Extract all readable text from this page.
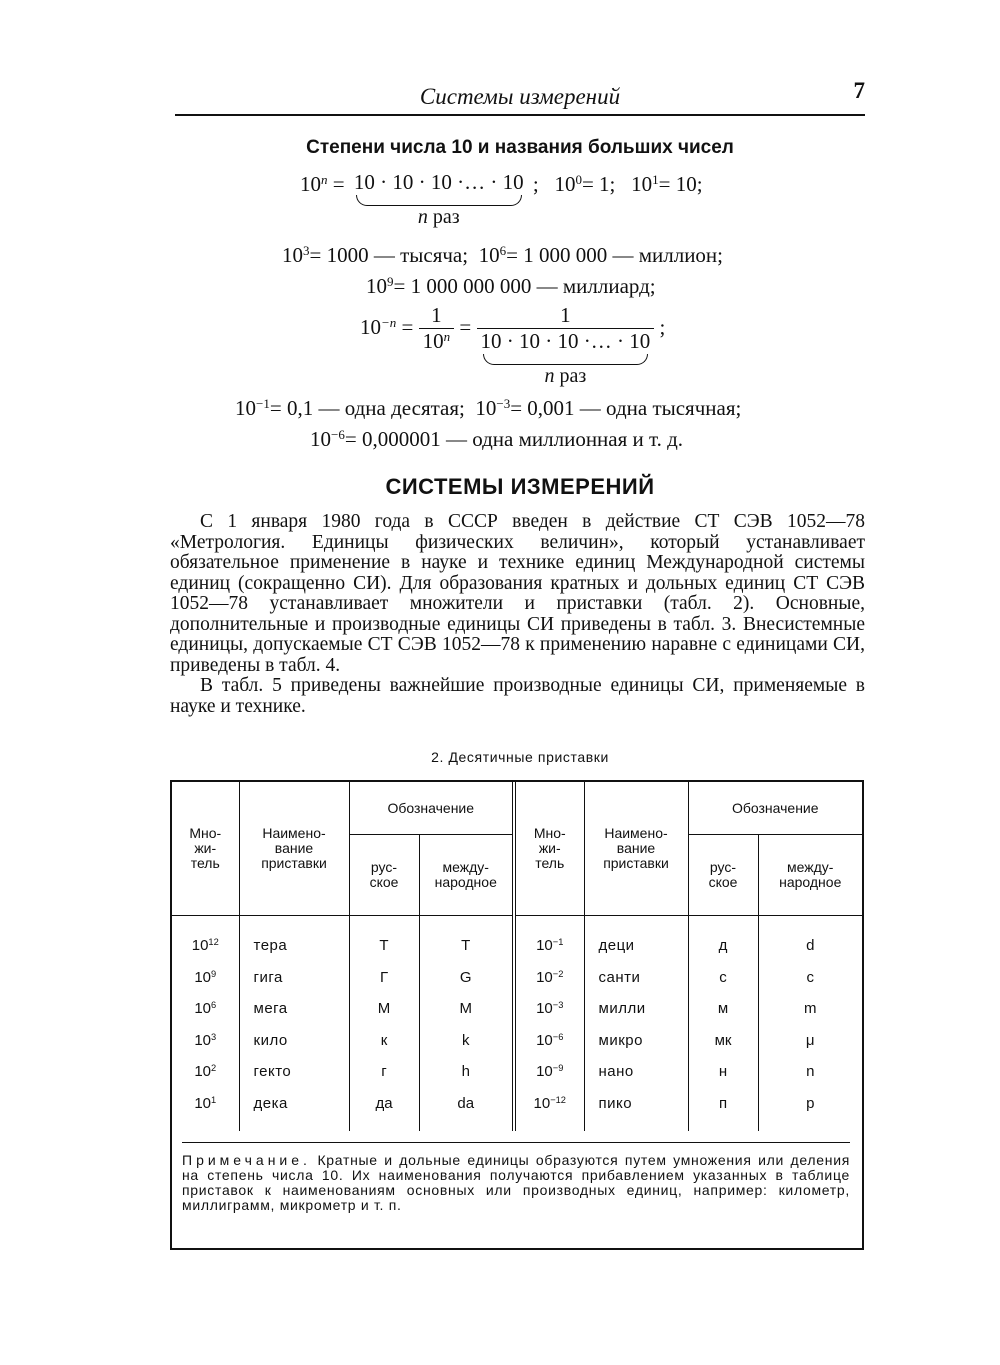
Системы измерений	7
Степени числа 10 и названия больших чисел
$10^n = 10 \cdot 10 \cdot 10$ ·… · 10
n раз
;   $10^0= 1$; $10^1= 10$;
$10^3= 1000$ — тысяча; $10^6= 1$ 000 000 — миллион;
$10^9= 1$ 000 000 000 — миллиард;
$10^{-n} = \frac{1}{10^n}$ =	1
10 · 10 · 10 ·… · 10
n раз
;
$10^{-1}= 0,1$ — одна десятая; $10^{-3}= 0,001$ — одна тысячная;
$10^{-6}= 0,000001$ — одна миллионная и т. д.
СИСТЕМЫ ИЗМЕРЕНИЙ

С 1 января 1980 года в СССР введен в действие СТ СЭВ 1052—78 «Метрология. Единицы физических величин», который устанавливает обязательное применение в науке и технике единиц Международной системы единиц (сокращенно СИ). Для образования кратных и дольных единиц СТ СЭВ 1052—78 устанавливает множители и приставки (табл. 2). Основные, дополнительные и производные единицы СИ приведены в табл. 3. Внесистемные единицы, допускаемые СТ СЭВ 1052—78 к применению наравне с единицами СИ, приведены в табл. 4.

В табл. 5 приведены важнейшие производные единицы СИ, применяемые в науке и технике.

2. Десятичные приставки
Мно-
жи-
тель	Наимено-
вание
приставки	Обозначение		Мно-
жи-
тель	Наимено-
вание
приставки	Обозначение	
		рус-
ское	между-
народное			рус-
ское	между-
народное

$10^{12}$	тера	Т	T	$10^{-1}$	деци	д	d
$10^9$	гига	Г	G	$10^{-2}$	санти	с	c
$10^6$	мега	М	M	$10^{-3}$	милли	м	m
$10^3$	кило	к	k	$10^{-6}$	микро	мк	μ
$10^2$	гекто	г	h	$10^{-9}$	нано	н	n
$10^1$	дека	да	da	$10^{-12}$	пико	п	p

Примечание. Кратные и дольные единицы образуются путем умножения или деления на степень числа 10. Их наименования получаются прибавлением указанных в таблице приставок к наименованиям основных или производных единиц, например: километр, миллиграмм, микрометр и т. п.
